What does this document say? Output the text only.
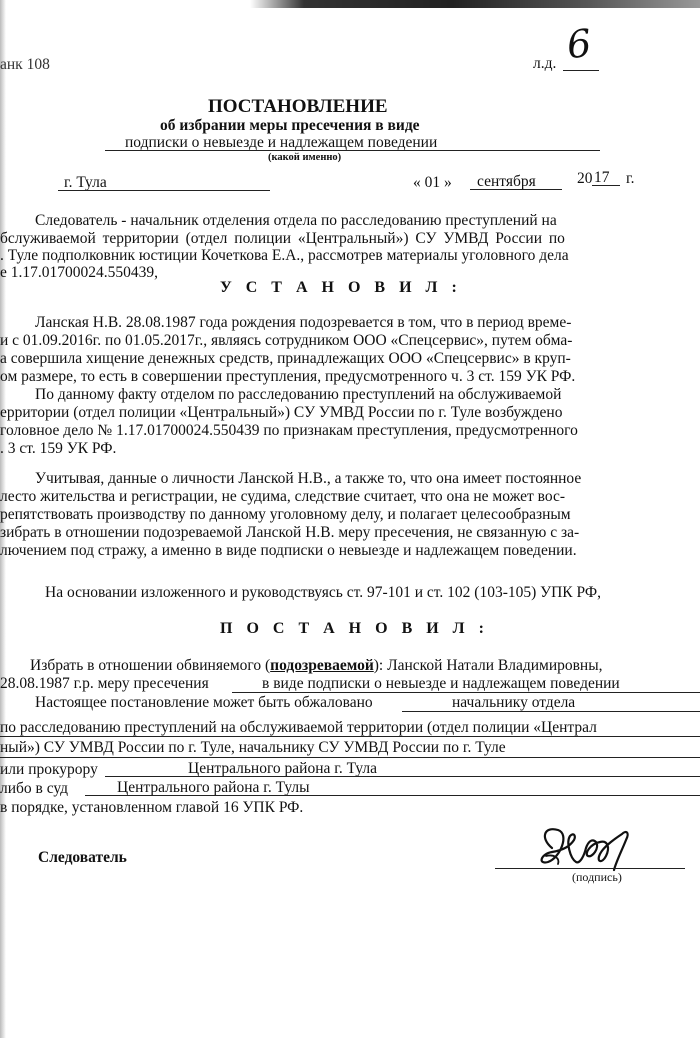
анк 108	л.д. 6
ПОСТАНОВЛЕНИЕ
об избрании меры пресечения в виде
подписки о невыезде и надлежащем поведении
(какой именно)
г. Тула	« 01 » сентября	20 17 г.
Следователь - начальник отделения отдела по расследованию преступлений на
бслуживаемой территории (отдел полиции «Центральный») СУ УМВД России по
. Туле подполковник юстиции Кочеткова Е.А., рассмотрев материалы уголовного дела
е 1.17.01700024.550439,
У С Т А Н О В И Л :
Ланская Н.В. 28.08.1987 года рождения подозревается в том, что в период време-
и с 01.09.2016г. по 01.05.2017г., являясь сотрудником ООО «Спецсервис», путем обма-
а совершила хищение денежных средств, принадлежащих ООО «Спецсервис» в круп-
ом размере, то есть в совершении преступления, предусмотренного ч. 3 ст. 159 УК РФ.
По данному факту отделом по расследованию преступлений на обслуживаемой
ерритории (отдел полиции «Центральный») СУ УМВД России по г. Туле возбуждено
головное дело № 1.17.01700024.550439 по признакам преступления, предусмотренного
. 3 ст. 159 УК РФ.
Учитывая, данные о личности Ланской Н.В., а также то, что она имеет постоянное
лесто жительства и регистрации, не судима, следствие считает, что она не может вос-
репятствовать производству по данному уголовному делу, и полагает целесообразным
зибрать в отношении подозреваемой Ланской Н.В. меру пресечения, не связанную с за-
лючением под стражу, а именно в виде подписки о невыезде и надлежащем поведении.
На основании изложенного и руководствуясь ст. 97-101 и ст. 102 (103-105) УПК РФ,
П О С Т А Н О В И Л :
Избрать в отношении обвиняемого (подозреваемой): Ланской Натали Владимировны,
28.08.1987 г.р. меру пресечения	в виде подписки о невыезде и надлежащем поведении
Настоящее постановление может быть обжаловано	начальнику отдела
по расследованию преступлений на обслуживаемой территории (отдел полиции «Централ
ный») СУ УМВД России по г. Туле, начальнику СУ УМВД России по г. Туле
или прокурору	Центрального района г. Тула
либо в суд	Центрального района г. Тулы
в порядке, установленном главой 16 УПК РФ.
Следователь
(подпись)
